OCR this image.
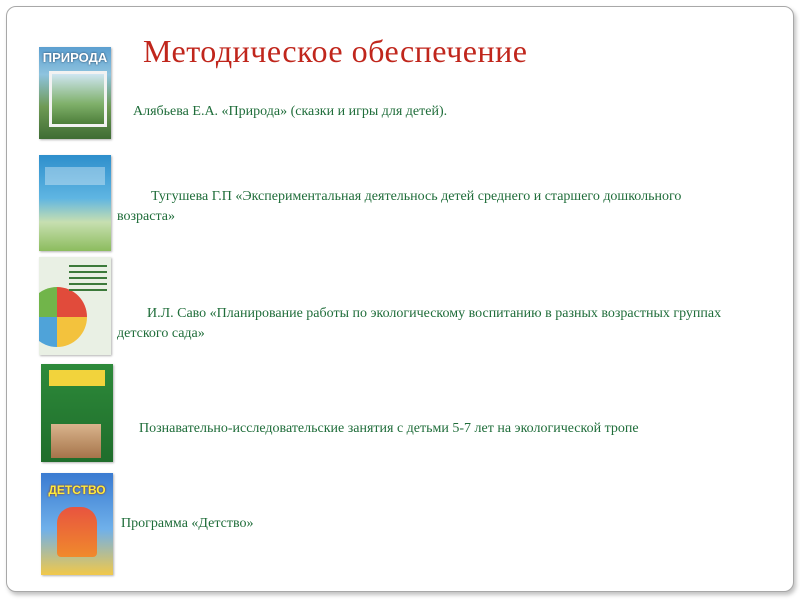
Методическое обеспечение
ПРИРОДА
Алябьева Е.А. «Природа» (сказки и игры для детей).
Тугушева Г.П «Экспериментальная деятельнось детей среднего и старшего дошкольного возраста»
И.Л. Саво «Планирование работы по экологическому воспитанию в разных возрастных группах детского сада»
Познавательно-исследовательские занятия с детьми 5-7 лет на экологической тропе
ДЕТСТВО
Программа «Детство»
